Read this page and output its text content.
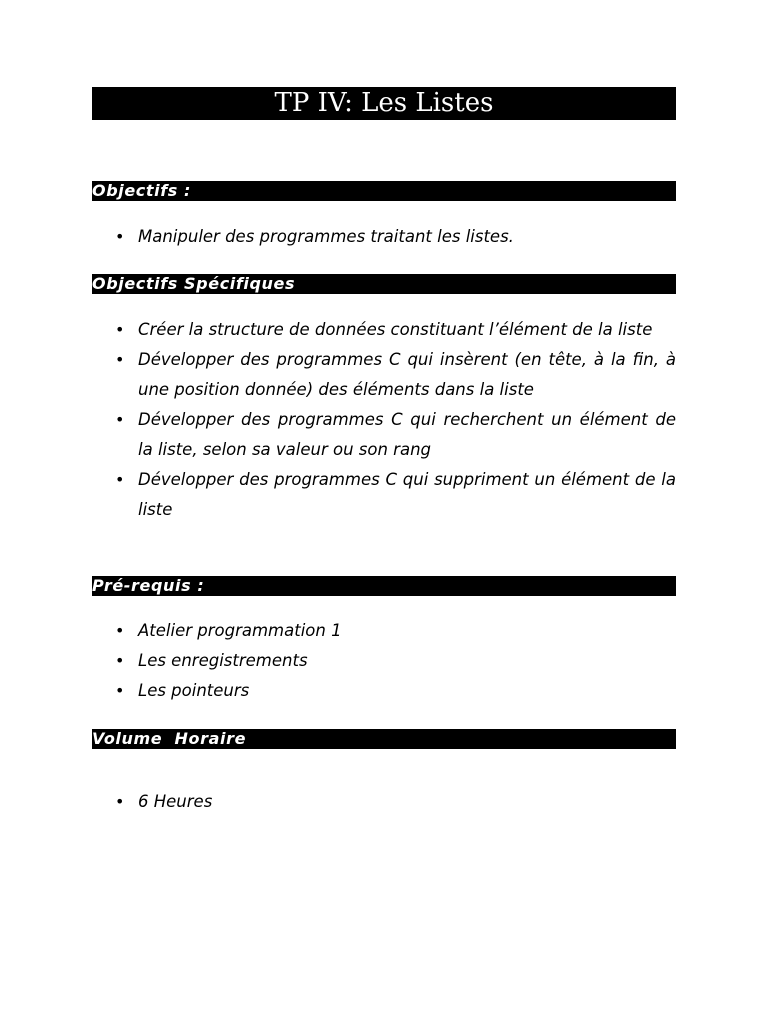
TP IV: Les Listes
Objectifs :
• Manipuler des programmes traitant les listes.
Objectifs Spécifiques
• Créer la structure de données constituant l’élément de la liste
• Développer des programmes C qui insèrent (en tête, à la fin, à une position donnée) des éléments dans la liste
• Développer des programmes C qui recherchent un élément de la liste, selon sa valeur ou son rang
• Développer des programmes C qui suppriment un élément de la liste
Pré-requis :
• Atelier programmation 1
• Les enregistrements
• Les pointeurs
Volume  Horaire
• 6 Heures
